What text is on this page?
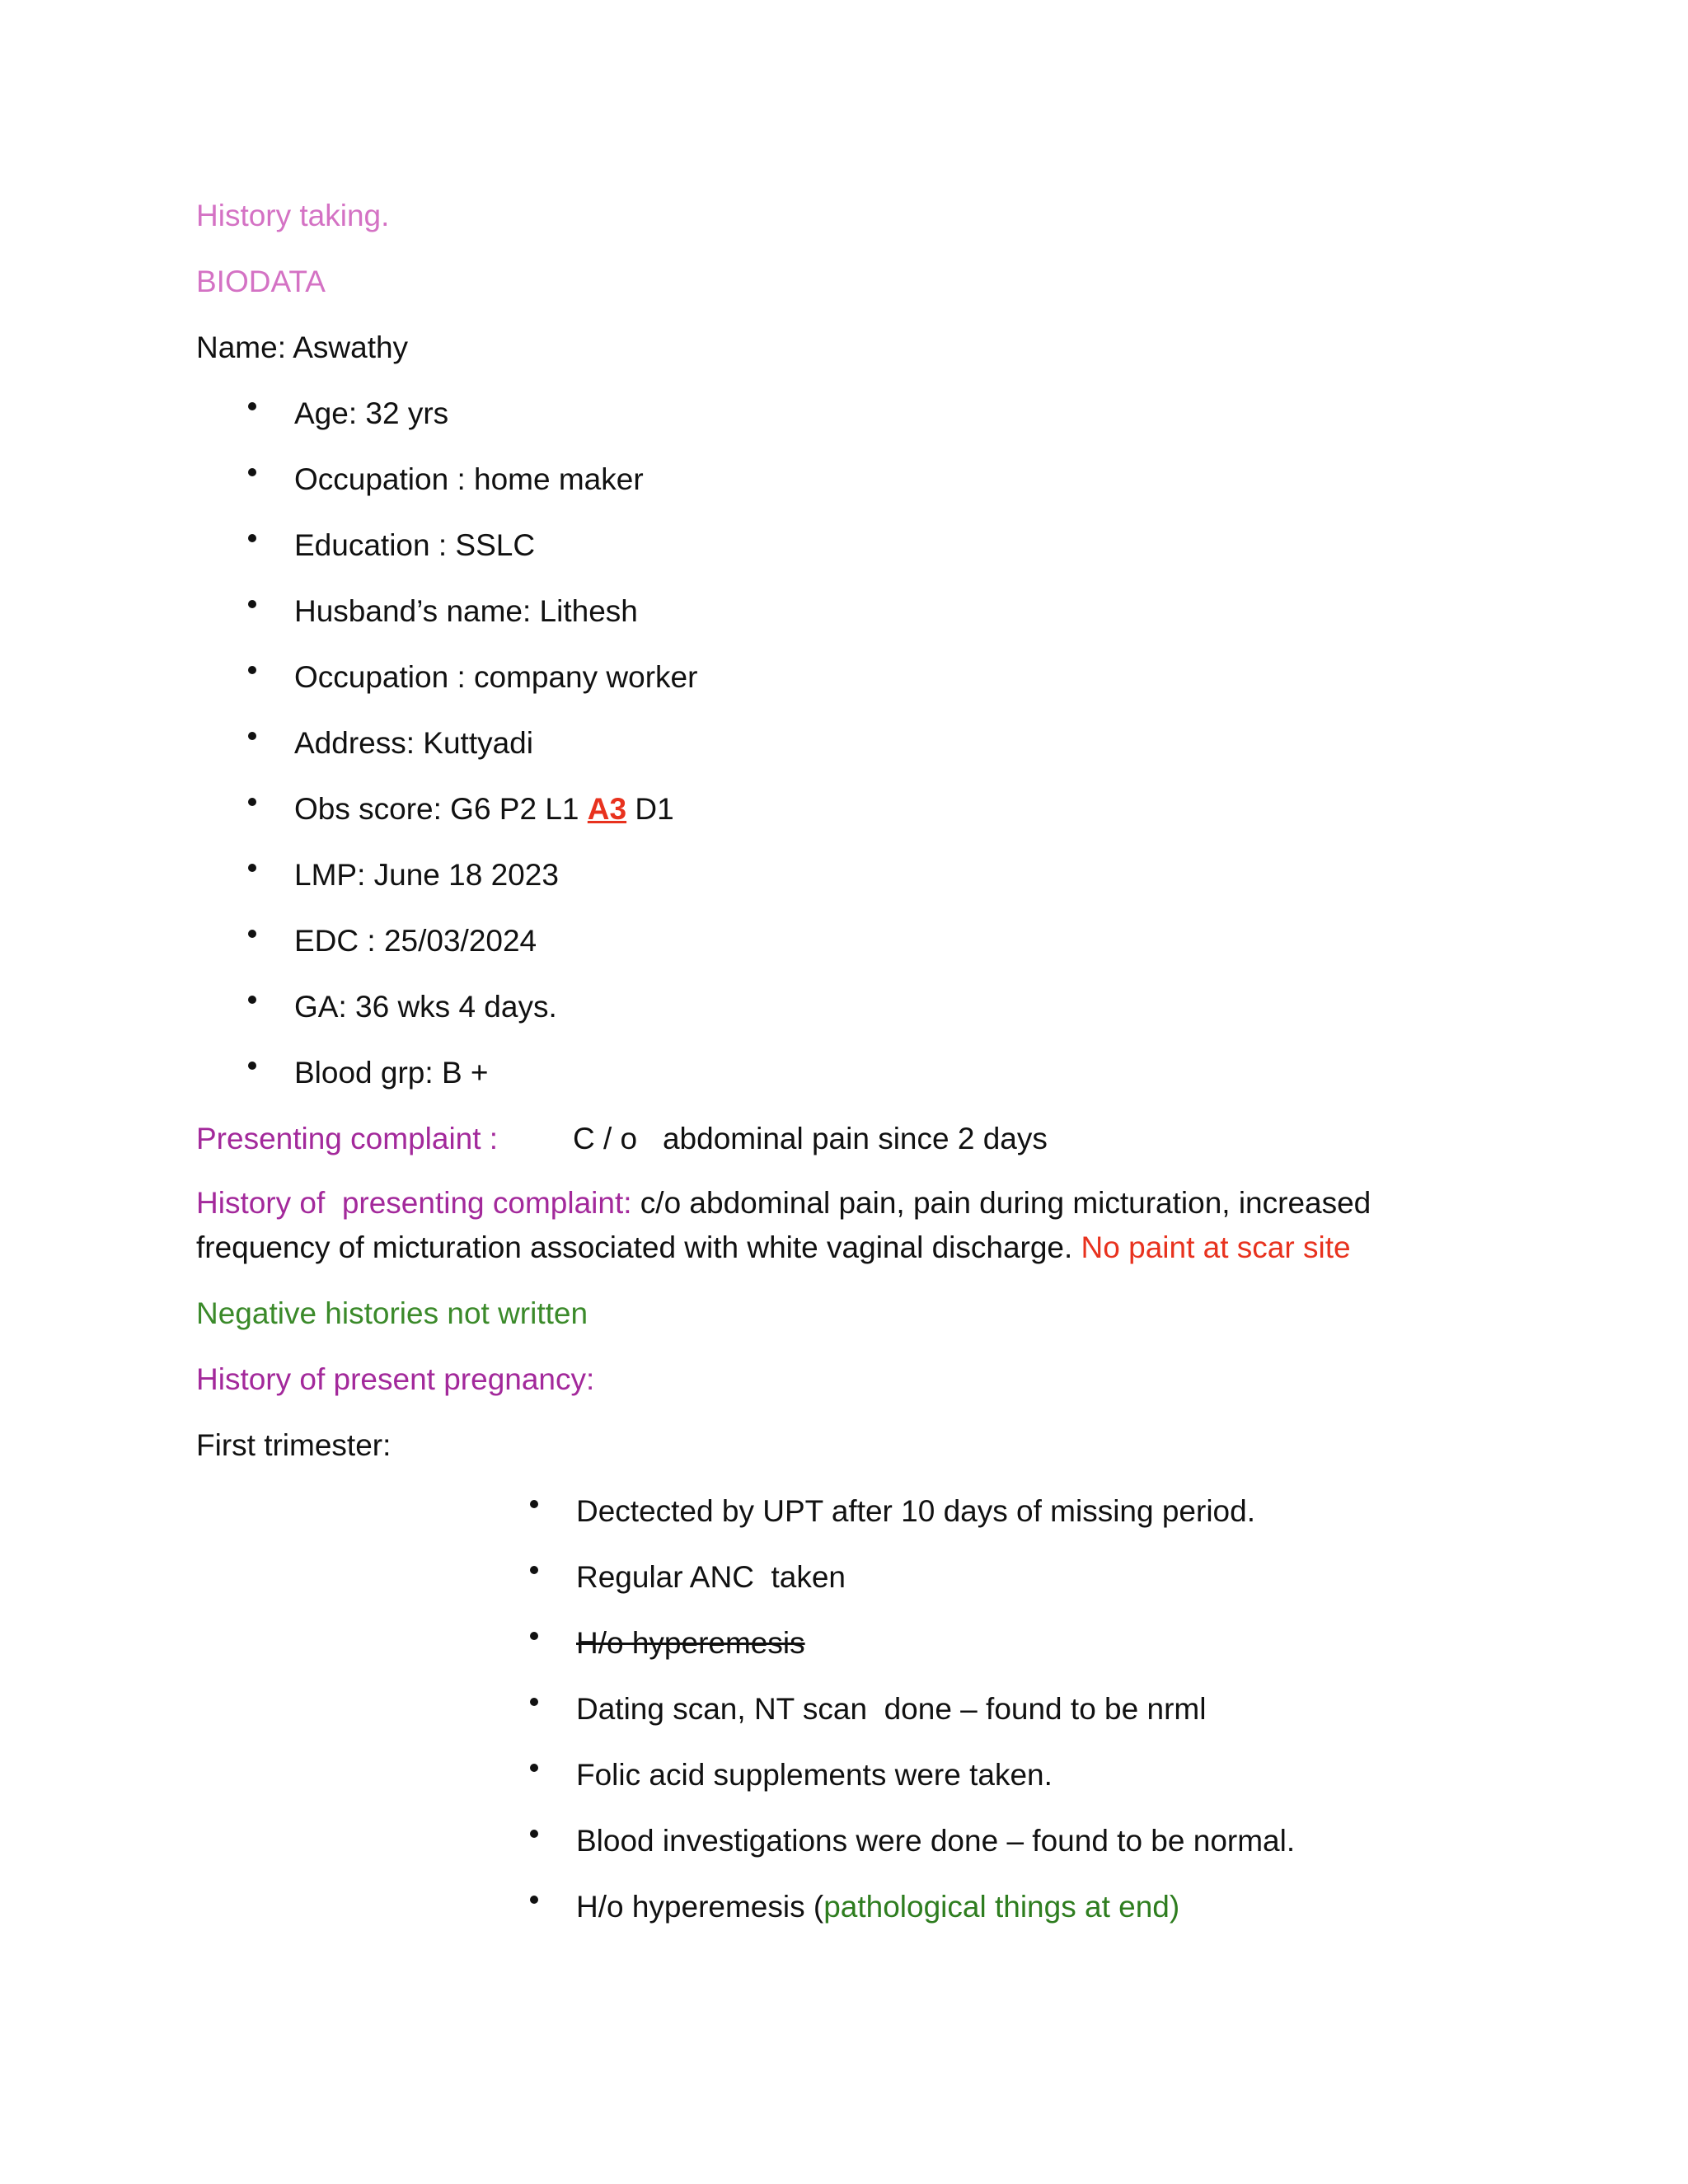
History taking.
BIODATA
Name: Aswathy
Age: 32 yrs
Occupation : home maker
Education : SSLC
Husband’s name: Lithesh
Occupation : company worker
Address: Kuttyadi
Obs score: G6 P2 L1 A3 D1
LMP: June 18 2023
EDC : 25/03/2024
GA: 36 wks 4 days.
Blood grp: B +
Presenting complaint : C / o   abdominal pain since 2 days
History of  presenting complaint: c/o abdominal pain, pain during micturation, increased
frequency of micturation associated with white vaginal discharge. No paint at scar site
Negative histories not written
History of present pregnancy:
First trimester:
Dectected by UPT after 10 days of missing period.
Regular ANC  taken
H/o hyperemesis
Dating scan, NT scan  done – found to be nrml
Folic acid supplements were taken.
Blood investigations were done – found to be normal.
H/o hyperemesis (pathological things at end)
